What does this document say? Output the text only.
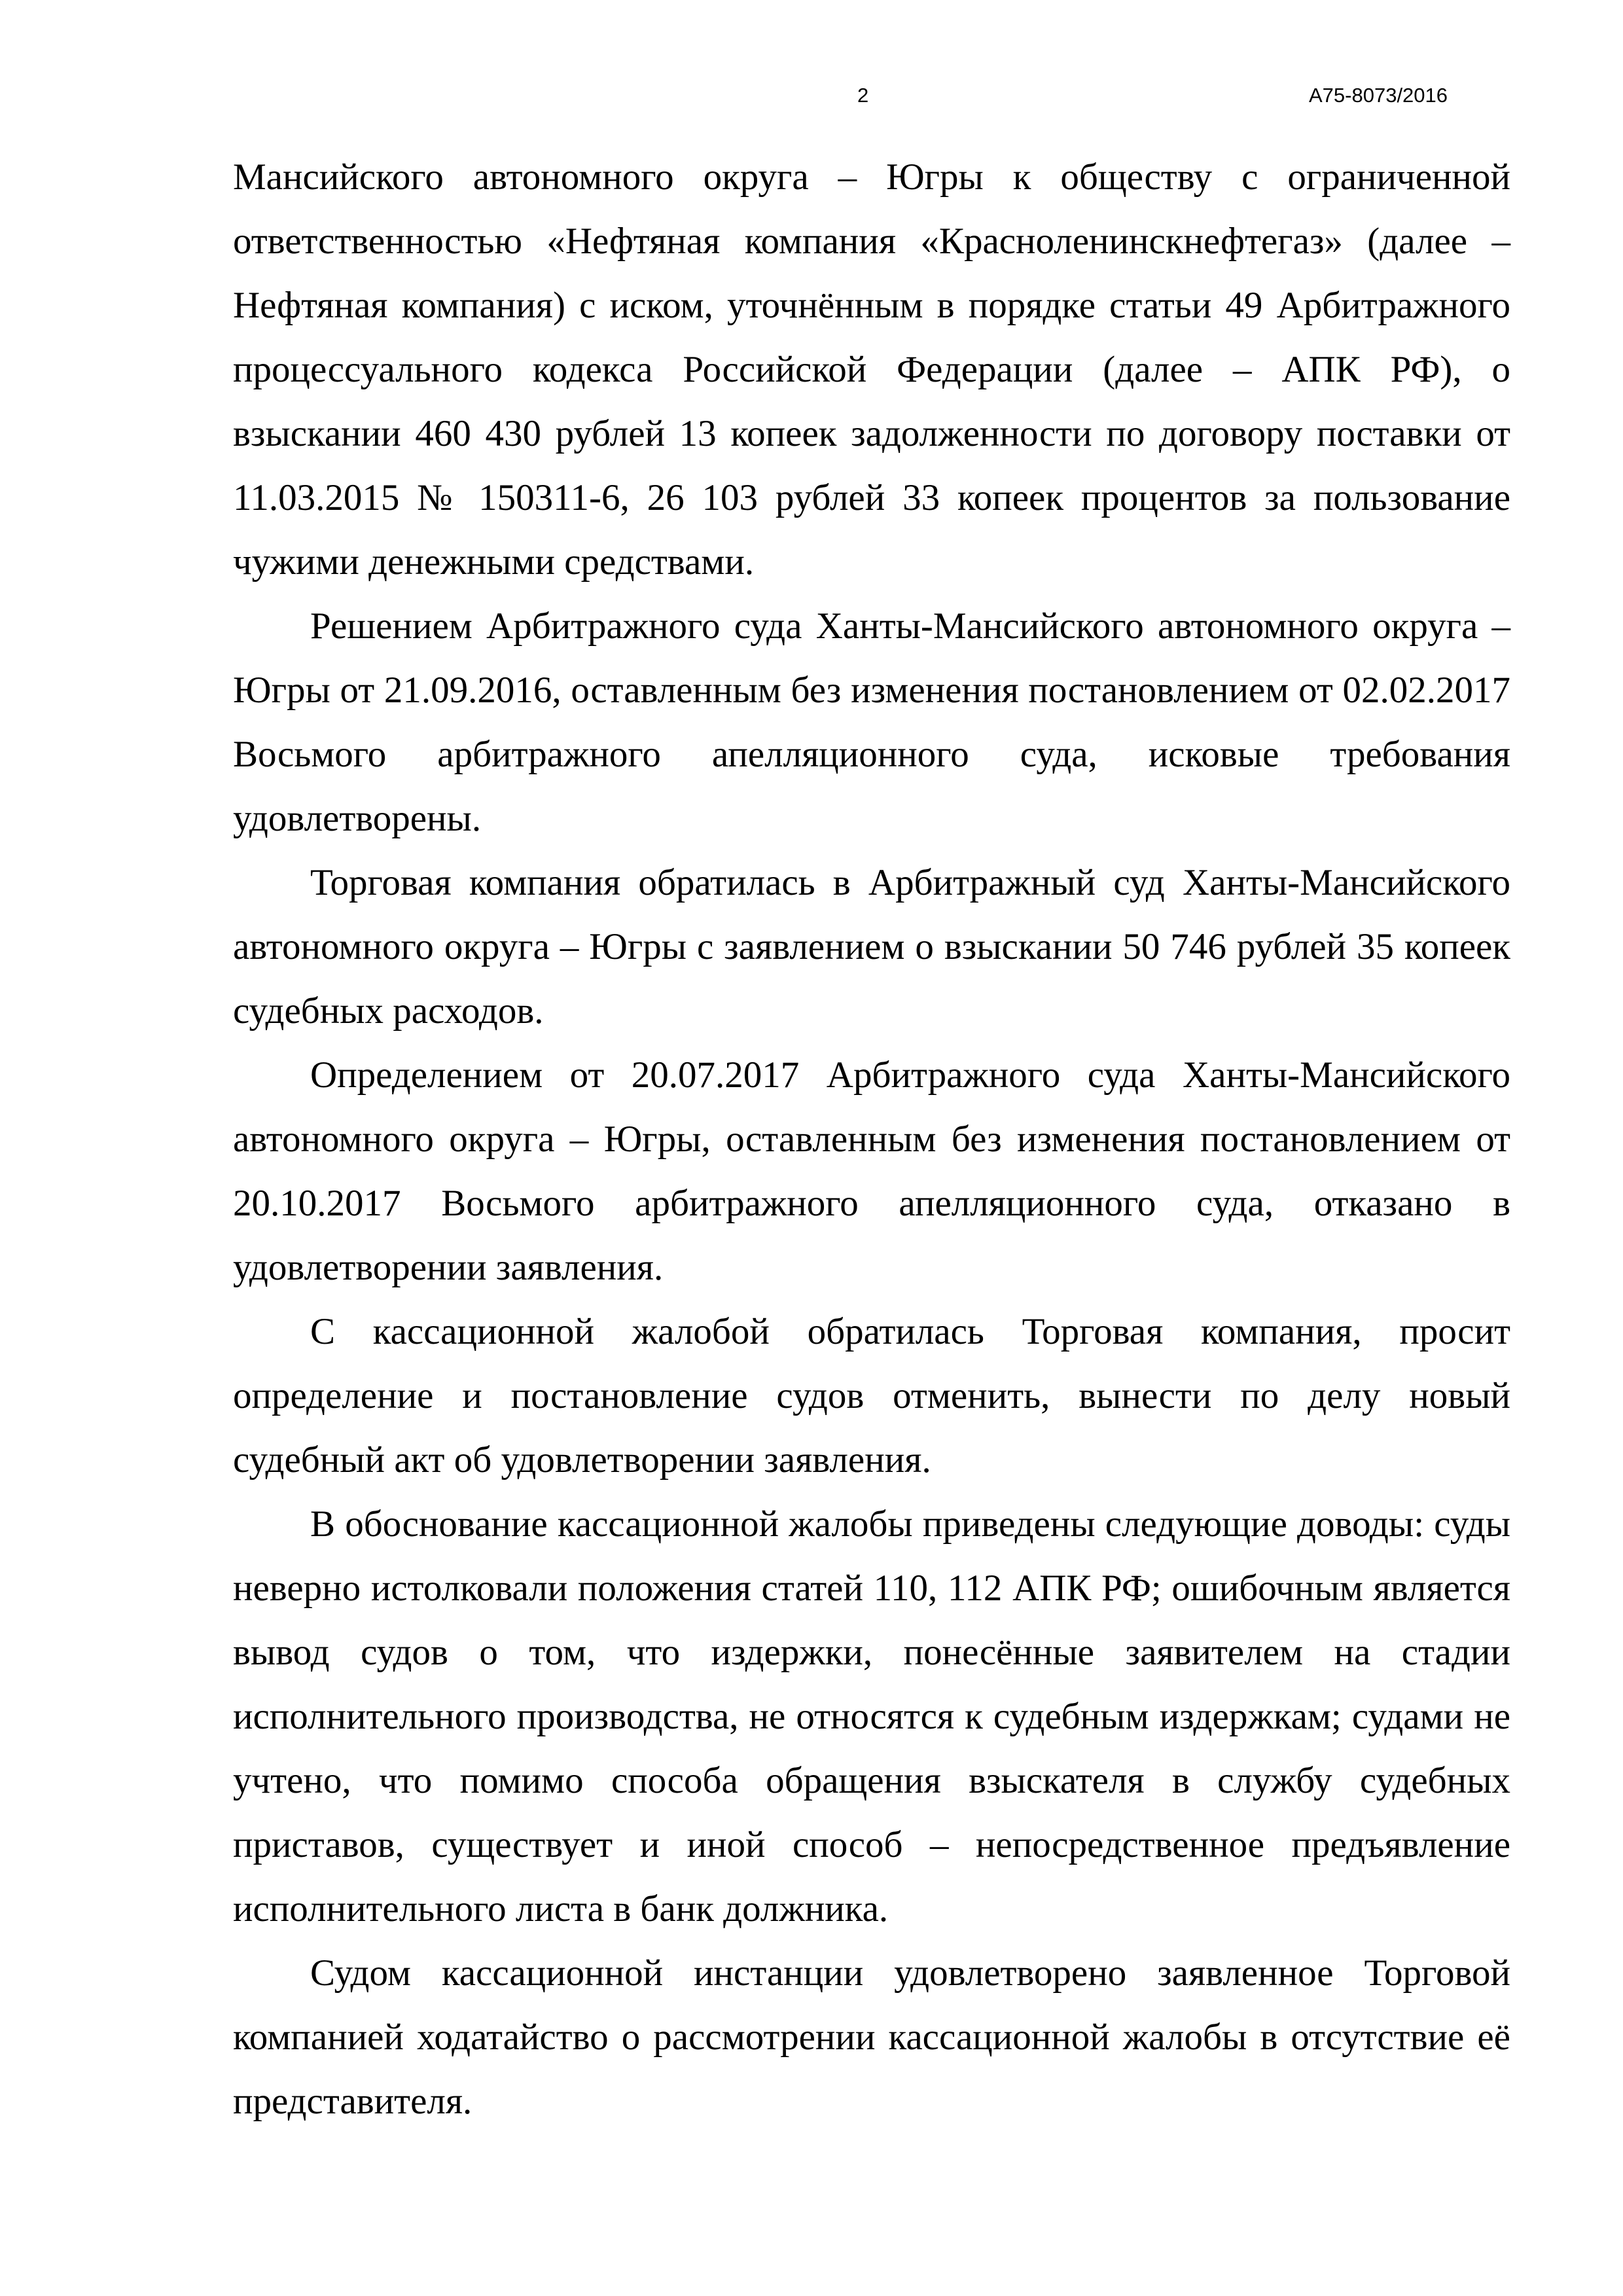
2	А75-8073/2016

Мансийского автономного округа – Югры к обществу с ограниченной ответственностью «Нефтяная компания «Красноленинскнефтегаз» (далее – Нефтяная компания) с иском, уточнённым в порядке статьи 49 Арбитражного процессуального кодекса Российской Федерации (далее – АПК РФ), о взыскании 460 430 рублей 13 копеек задолженности по договору поставки от 11.03.2015 № 150311-6, 26 103 рублей 33 копеек процентов за пользование чужими денежными средствами.

Решением Арбитражного суда Ханты-Мансийского автономного округа – Югры от 21.09.2016, оставленным без изменения постановлением от 02.02.2017 Восьмого арбитражного апелляционного суда, исковые требования удовлетворены.

Торговая компания обратилась в Арбитражный суд Ханты-Мансийского автономного округа – Югры с заявлением о взыскании 50 746 рублей 35 копеек судебных расходов.

Определением от 20.07.2017 Арбитражного суда Ханты-Мансийского автономного округа – Югры, оставленным без изменения постановлением от 20.10.2017 Восьмого арбитражного апелляционного суда, отказано в удовлетворении заявления.

С кассационной жалобой обратилась Торговая компания, просит определение и постановление судов отменить, вынести по делу новый судебный акт об удовлетворении заявления.

В обоснование кассационной жалобы приведены следующие доводы: суды неверно истолковали положения статей 110, 112 АПК РФ; ошибочным является вывод судов о том, что издержки, понесённые заявителем на стадии исполнительного производства, не относятся к судебным издержкам; судами не учтено, что помимо способа обращения взыскателя в службу судебных приставов, существует и иной способ – непосредственное предъявление исполнительного листа в банк должника.

Судом кассационной инстанции удовлетворено заявленное Торговой компанией ходатайство о рассмотрении кассационной жалобы в отсутствие её представителя.
